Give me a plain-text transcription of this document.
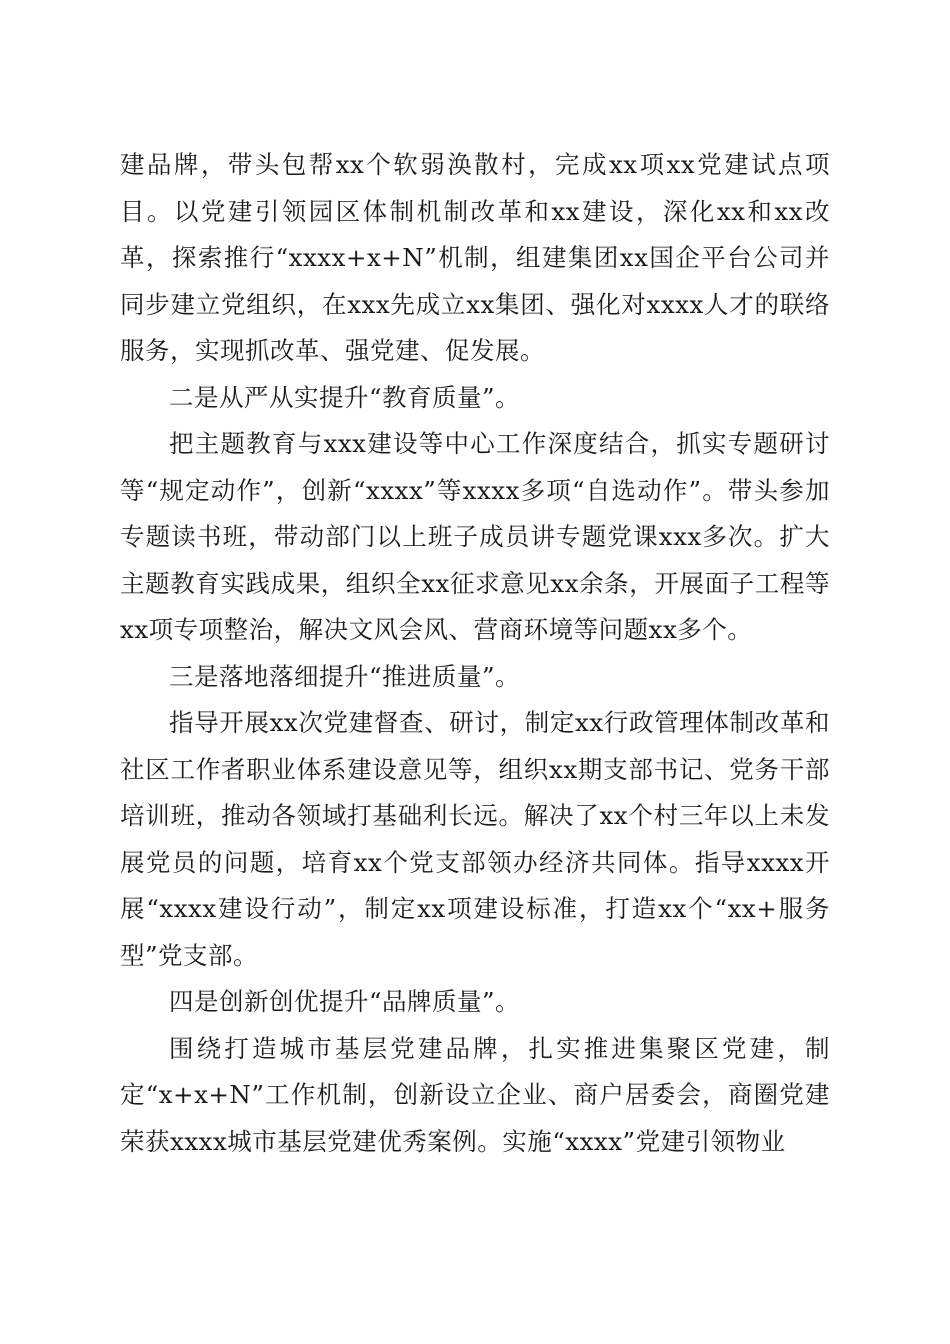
建品牌，带头包帮xx个软弱涣散村，完成xx项xx党建试点项目。以党建引领园区体制机制改革和xx建设，深化xx和xx改革，探索推行“xxxx+x+N”机制，组建集团xx国企平台公司并同步建立党组织，在xxx先成立xx集团、强化对xxxx人才的联络服务，实现抓改革、强党建、促发展。

二是从严从实提升“教育质量”。

把主题教育与xxx建设等中心工作深度结合，抓实专题研讨等“规定动作”，创新“xxxx”等xxxx多项“自选动作”。带头参加专题读书班，带动部门以上班子成员讲专题党课xxx多次。扩大主题教育实践成果，组织全xx征求意见xx余条，开展面子工程等xx项专项整治，解决文风会风、营商环境等问题xx多个。

三是落地落细提升“推进质量”。

指导开展xx次党建督查、研讨，制定xx行政管理体制改革和社区工作者职业体系建设意见等，组织xx期支部书记、党务干部培训班，推动各领域打基础利长远。解决了xx个村三年以上未发展党员的问题，培育xx个党支部领办经济共同体。指导xxxx开展“xxxx建设行动”，制定xx项建设标准，打造xx个“xx+服务型”党支部。

四是创新创优提升“品牌质量”。

围绕打造城市基层党建品牌，扎实推进集聚区党建，制定“x+x+N”工作机制，创新设立企业、商户居委会，商圈党建荣获xxxx城市基层党建优秀案例。实施“xxxx”党建引领物业
